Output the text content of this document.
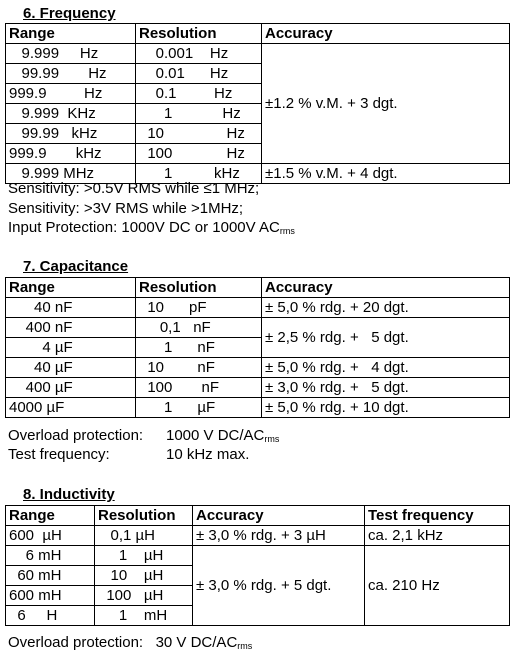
6. Frequency
Range	Resolution	Accuracy
9.999     Hz	0.001    Hz	±1.2 % v.M. + 3 dgt.
99.99       Hz	0.01      Hz	
999.9         Hz	0.1         Hz	
9.999  KHz	1            Hz	
99.99   kHz	10               Hz	
999.9       kHz	100             Hz	
9.999 MHz	1          kHz	±1.5 % v.M. + 4 dgt.
Sensitivity: >0.5V RMS while ≤1 MHz;
Sensitivity: >3V RMS while >1MHz;
Input Protection: 1000V DC or 1000V $AC_{rms}$
7. Capacitance
Range	Resolution	Accuracy
40 nF	10      pF	± 5,0 % rdg. + 20 dgt.
400 nF	0,1   nF	± 2,5 % rdg. +   5 dgt.
4 µF	1      nF	
40 µF	10        nF	± 5,0 % rdg. +   4 dgt.
400 µF	100       nF	± 3,0 % rdg. +   5 dgt.
4000 µF	1      µF	± 5,0 % rdg. + 10 dgt.
Overload protection: 1000 V $DC/AC_{rms}$
Test frequency:	10 kHz max.
8. Inductivity
Range	Resolution	Accuracy	Test frequency
600  µH	0,1 µH	± 3,0 % rdg. + 3 µH	ca. 2,1 kHz
6 mH	1    µH	± 3,0 % rdg. + 5 dgt.	ca. 210 Hz
60 mH	10    µH		
600 mH	100   µH		
6     H	1    mH		
Overload protection:   30 V $DC/AC_{rms}$
